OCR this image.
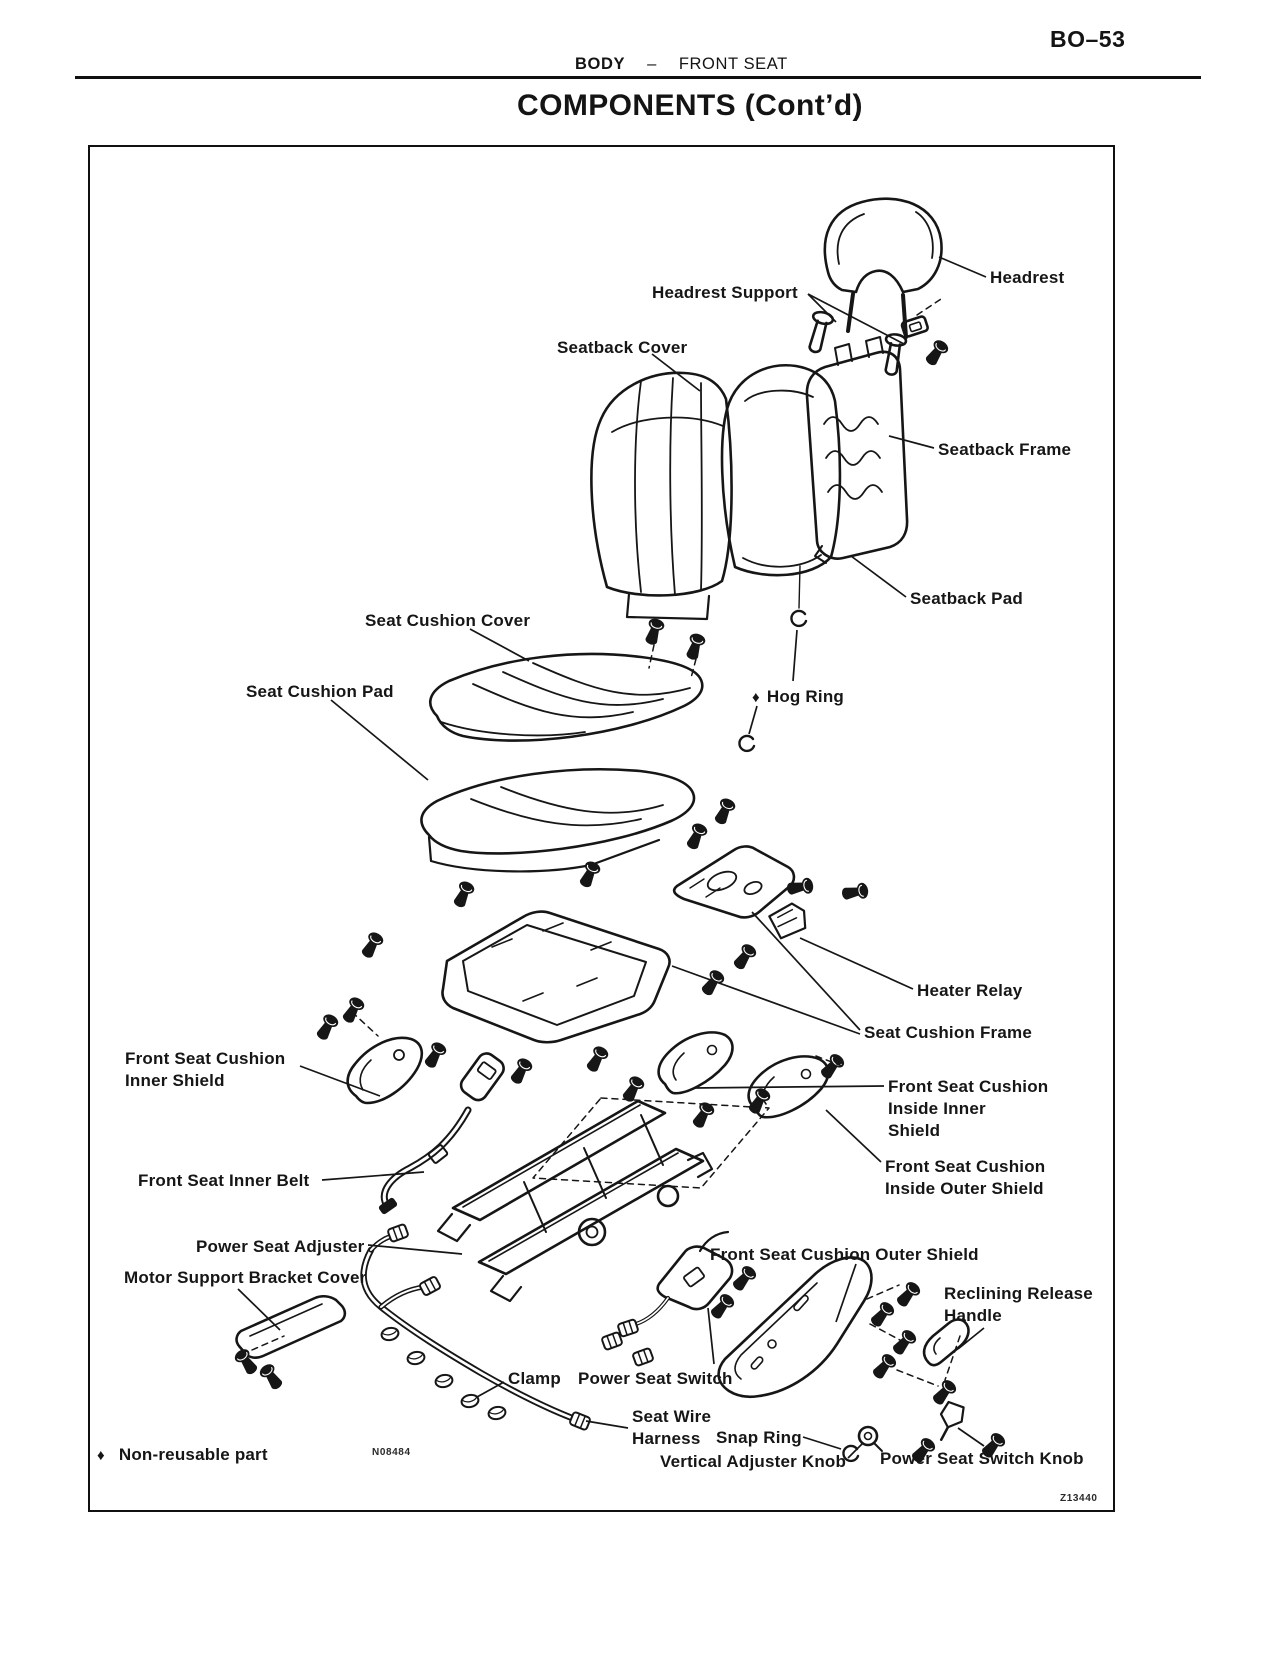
BO–53
BODY – FRONT SEAT
COMPONENTS (Cont’d)
Headrest Support
Headrest
Seatback Cover
Seatback Frame
Seatback Pad
Seat Cushion Cover
Seat Cushion Pad	♦ Hog Ring
Heater Relay
Seat Cushion Frame
Front Seat Cushion
Inner Shield	Front Seat Cushion
Inside Inner
Shield
Front Seat Inner Belt
Front Seat Cushion
Inside Outer Shield
Power Seat Adjuster
Motor Support Bracket Cover
Front Seat Cushion Outer Shield
Reclining Release
Handle
Clamp Power Seat Switch
Seat Wire
Harness Snap Ring
Vertical Adjuster Knob Power Seat Switch Knob
♦ Non-reusable part	N08484
Z13440
